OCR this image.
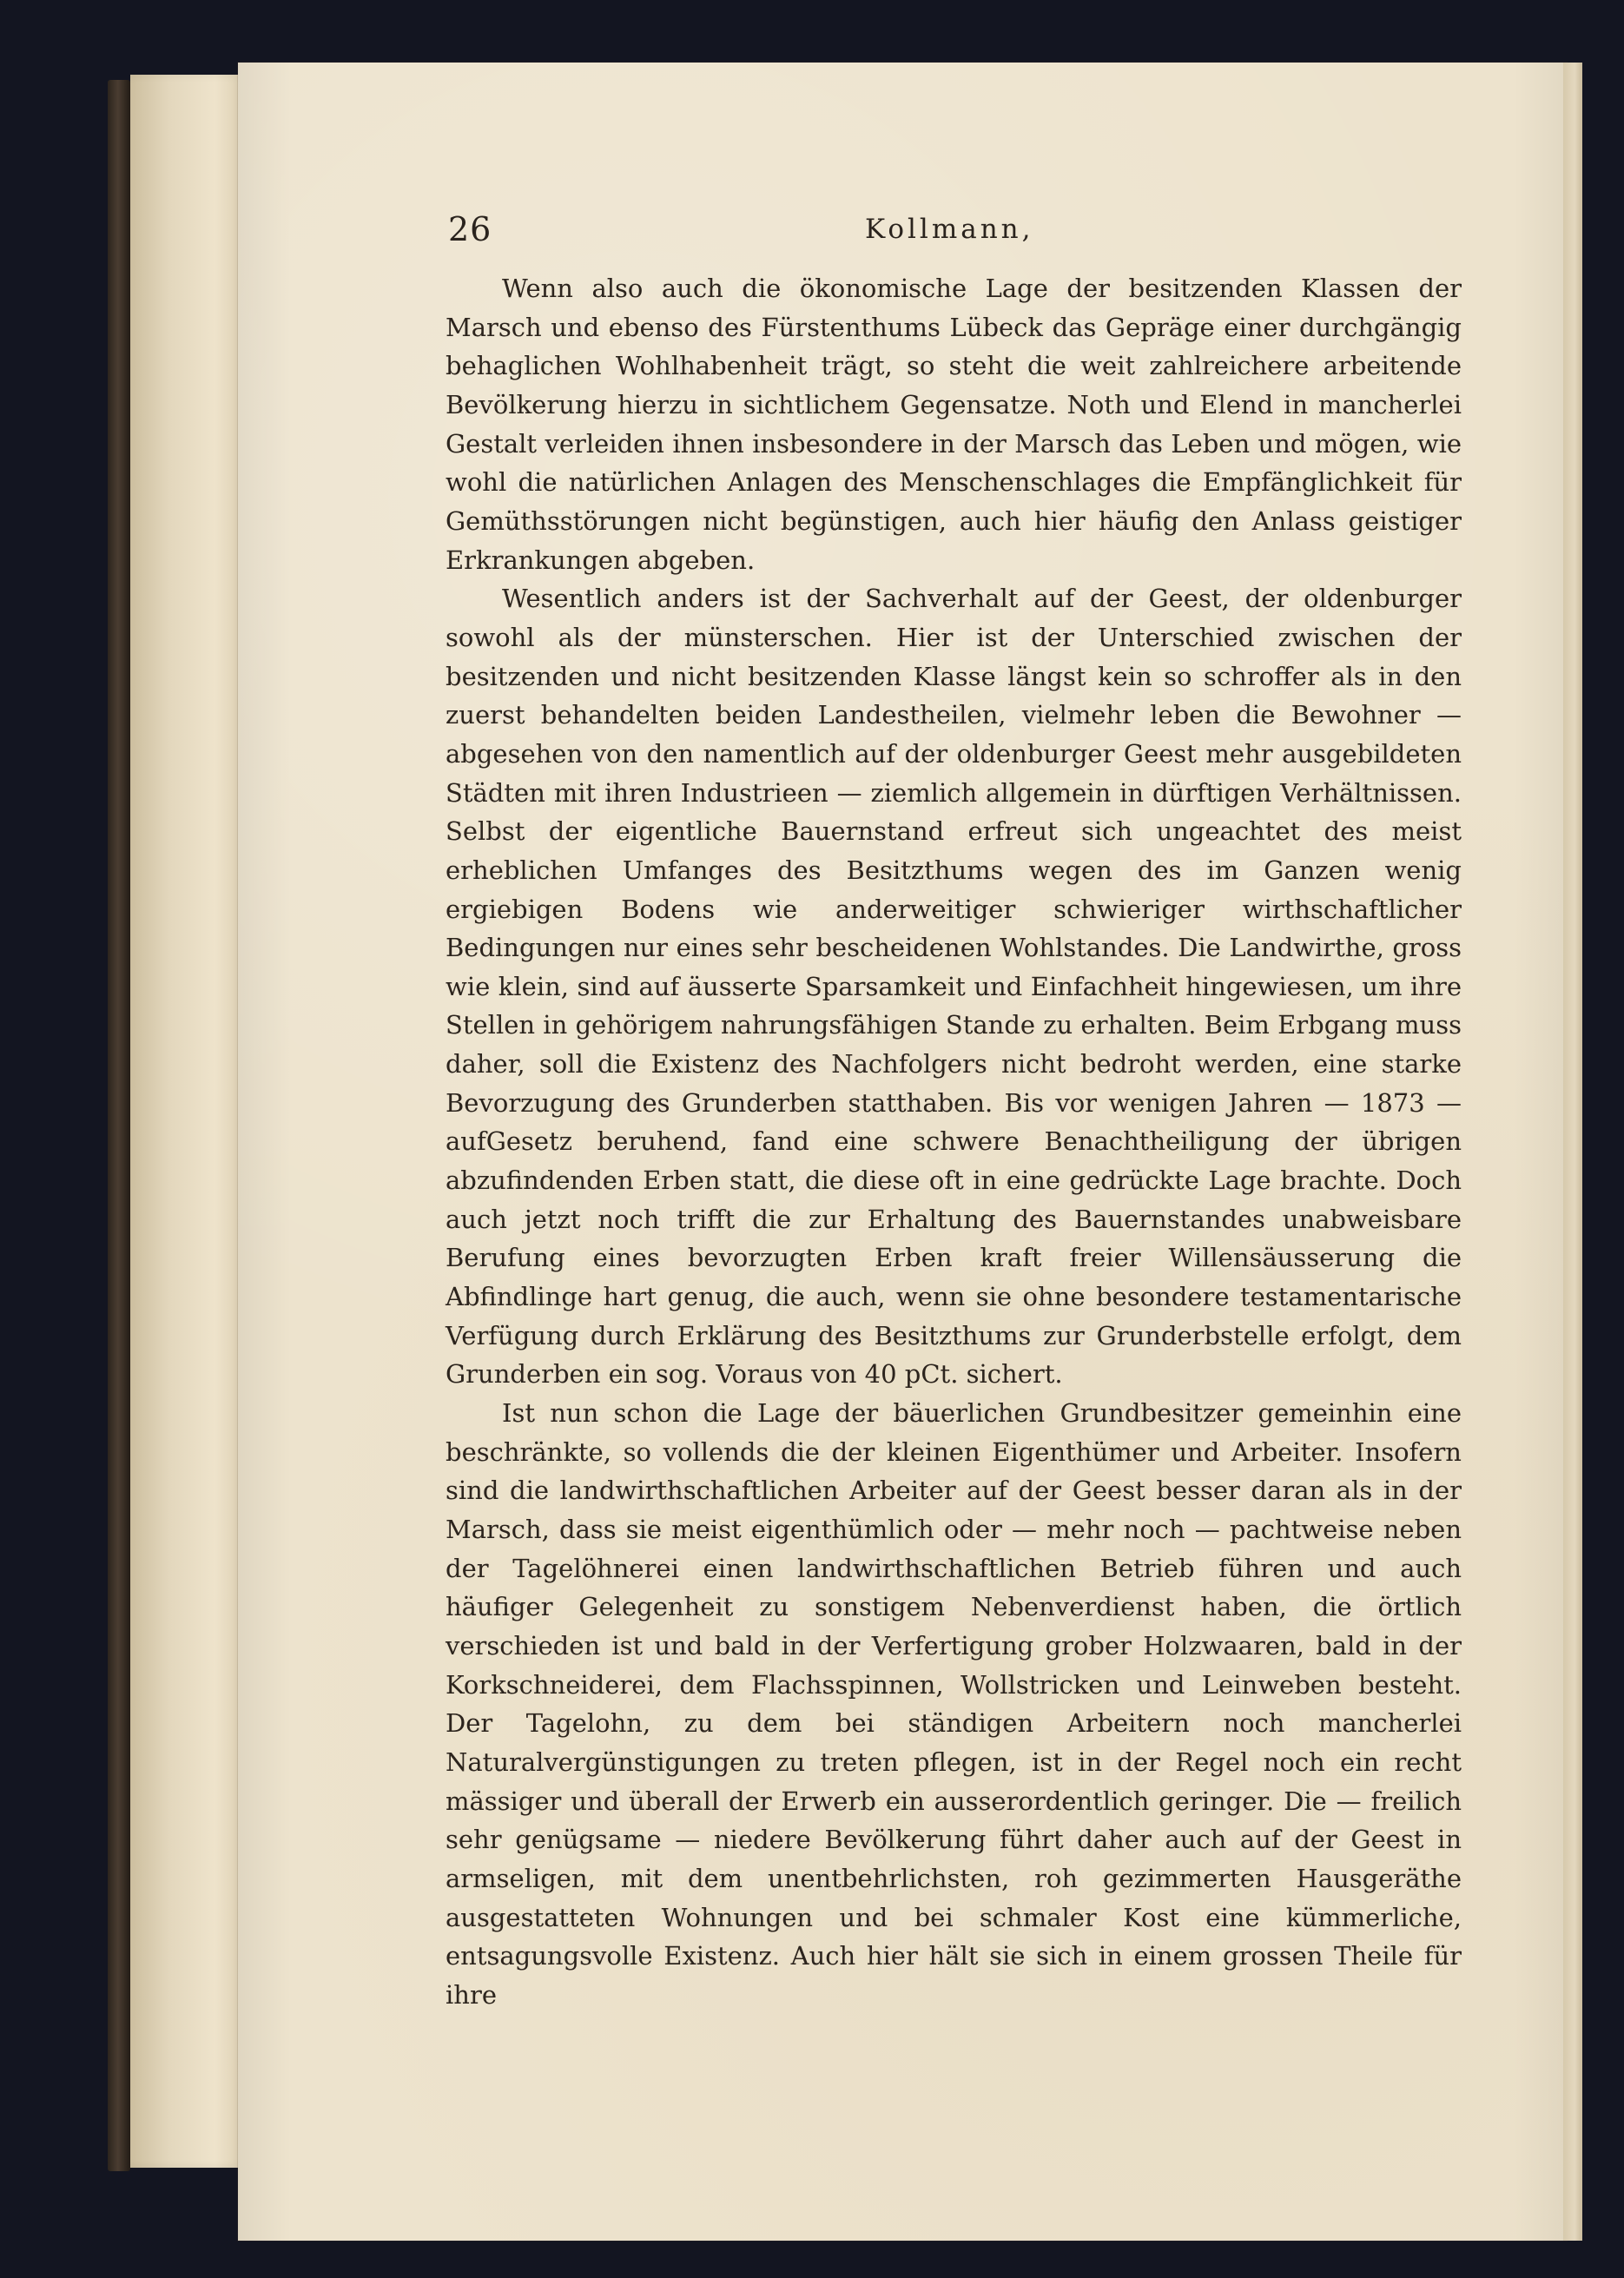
26	Kollmann,

Wenn also auch die ökonomische Lage der besitzenden Klassen der Marsch und ebenso des Fürstenthums Lübeck das Gepräge einer durchgängig behaglichen Wohlhabenheit trägt, so steht die weit zahlreichere arbeitende Bevölkerung hierzu in sichtlichem Gegensatze. Noth und Elend in mancherlei Gestalt verleiden ihnen insbesondere in der Marsch das Leben und mögen, wie wohl die natürlichen Anlagen des Menschenschlages die Empfänglichkeit für Gemüthsstörungen nicht begünstigen, auch hier häufig den Anlass geistiger Erkrankungen abgeben.

Wesentlich anders ist der Sachverhalt auf der Geest, der oldenburger sowohl als der münsterschen. Hier ist der Unterschied zwischen der besitzenden und nicht besitzenden Klasse längst kein so schroffer als in den zuerst behandelten beiden Landestheilen, vielmehr leben die Bewohner — abgesehen von den namentlich auf der oldenburger Geest mehr ausgebildeten Städten mit ihren Industrieen — ziemlich allgemein in dürftigen Verhältnissen. Selbst der eigentliche Bauernstand erfreut sich ungeachtet des meist erheblichen Umfanges des Besitzthums wegen des im Ganzen wenig ergiebigen Bodens wie anderweitiger schwieriger wirthschaftlicher Bedingungen nur eines sehr bescheidenen Wohlstandes. Die Landwirthe, gross wie klein, sind auf äusserte Sparsamkeit und Einfachheit hingewiesen, um ihre Stellen in gehörigem nahrungsfähigen Stande zu erhalten. Beim Erbgang muss daher, soll die Existenz des Nachfolgers nicht bedroht werden, eine starke Bevorzugung des Grunderben statthaben. Bis vor wenigen Jahren — 1873 — aufGesetz beruhend, fand eine schwere Benachtheiligung der übrigen abzufindenden Erben statt, die diese oft in eine gedrückte Lage brachte. Doch auch jetzt noch trifft die zur Erhaltung des Bauernstandes unabweisbare Berufung eines bevorzugten Erben kraft freier Willensäusserung die Abfindlinge hart genug, die auch, wenn sie ohne besondere testamentarische Verfügung durch Erklärung des Besitzthums zur Grunderbstelle erfolgt, dem Grunderben ein sog. Voraus von 40 pCt. sichert.

Ist nun schon die Lage der bäuerlichen Grundbesitzer gemeinhin eine beschränkte, so vollends die der kleinen Eigenthümer und Arbeiter. Insofern sind die landwirthschaftlichen Arbeiter auf der Geest besser daran als in der Marsch, dass sie meist eigenthümlich oder — mehr noch — pachtweise neben der Tagelöhnerei einen landwirthschaftlichen Betrieb führen und auch häufiger Gelegenheit zu sonstigem Nebenverdienst haben, die örtlich verschieden ist und bald in der Verfertigung grober Holzwaaren, bald in der Korkschneiderei, dem Flachsspinnen, Wollstricken und Leinweben besteht. Der Tagelohn, zu dem bei ständigen Arbeitern noch mancherlei Naturalvergünstigungen zu treten pflegen, ist in der Regel noch ein recht mässiger und überall der Erwerb ein ausserordentlich geringer. Die — freilich sehr genügsame — niedere Bevölkerung führt daher auch auf der Geest in armseligen, mit dem unentbehrlichsten, roh gezimmerten Hausgeräthe ausgestatteten Wohnungen und bei schmaler Kost eine kümmerliche, entsagungsvolle Existenz. Auch hier hält sie sich in einem grossen Theile für ihre
